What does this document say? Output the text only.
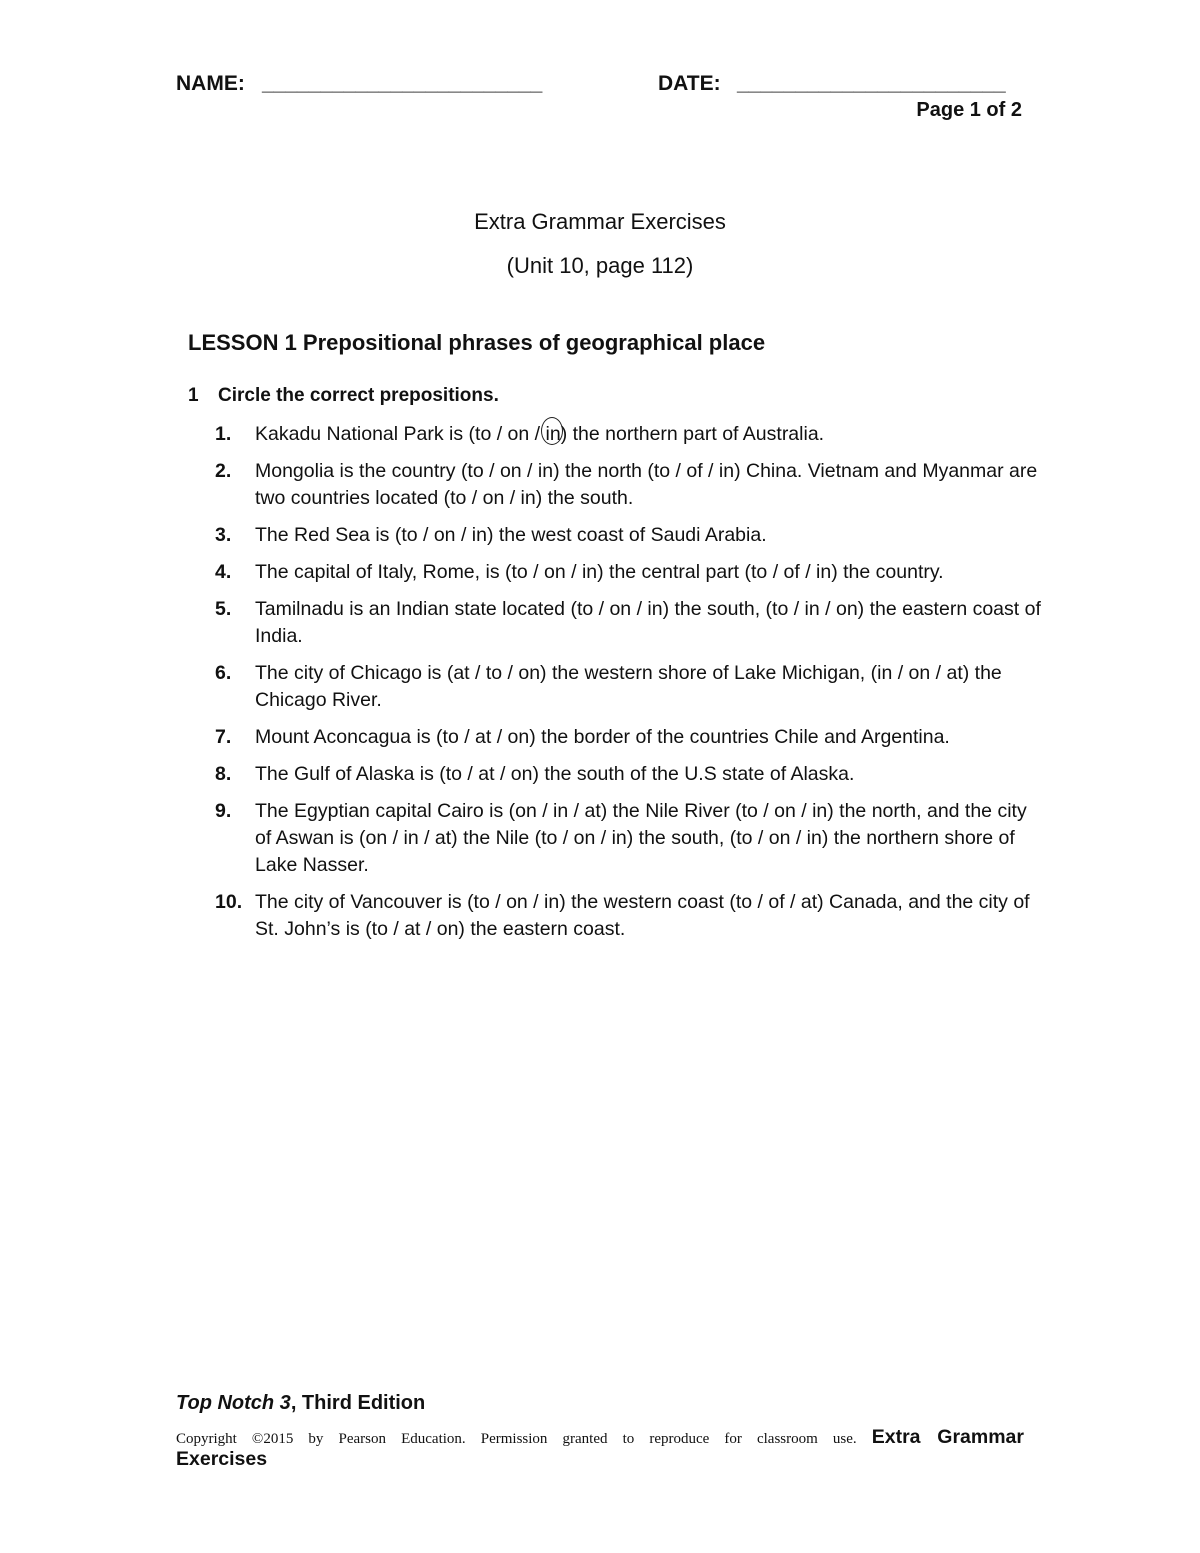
NAME: ________________________	DATE: _______________________
Page 1 of 2
Extra Grammar Exercises
(Unit 10, page 112)
LESSON 1 Prepositional phrases of geographical place
1 Circle the correct prepositions.
1. Kakadu National Park is (to / on / in) the northern part of Australia.
2. Mongolia is the country (to / on / in) the north (to / of / in) China. Vietnam and Myanmar are two countries located (to / on / in) the south.
3. The Red Sea is (to / on / in) the west coast of Saudi Arabia.
4. The capital of Italy, Rome, is (to / on / in) the central part (to / of / in) the country.
5. Tamilnadu is an Indian state located (to / on / in) the south, (to / in / on) the eastern coast of India.
6. The city of Chicago is (at / to / on) the western shore of Lake Michigan, (in / on / at) the Chicago River.
7. Mount Aconcagua is (to / at / on) the border of the countries Chile and Argentina.
8. The Gulf of Alaska is (to / at / on) the south of the U.S state of Alaska.
9. The Egyptian capital Cairo is (on / in / at) the Nile River (to / on / in) the north, and the city of Aswan is (on / in / at) the Nile (to / on / in) the south, (to / on / in) the northern shore of Lake Nasser.
10. The city of Vancouver is (to / on / in) the western coast (to / of / at) Canada, and the city of St. John’s is (to / at / on) the eastern coast.
Top Notch 3, Third Edition
Copyright ©2015 by Pearson Education. Permission granted to reproduce for classroom use. Extra Grammar
Exercises
